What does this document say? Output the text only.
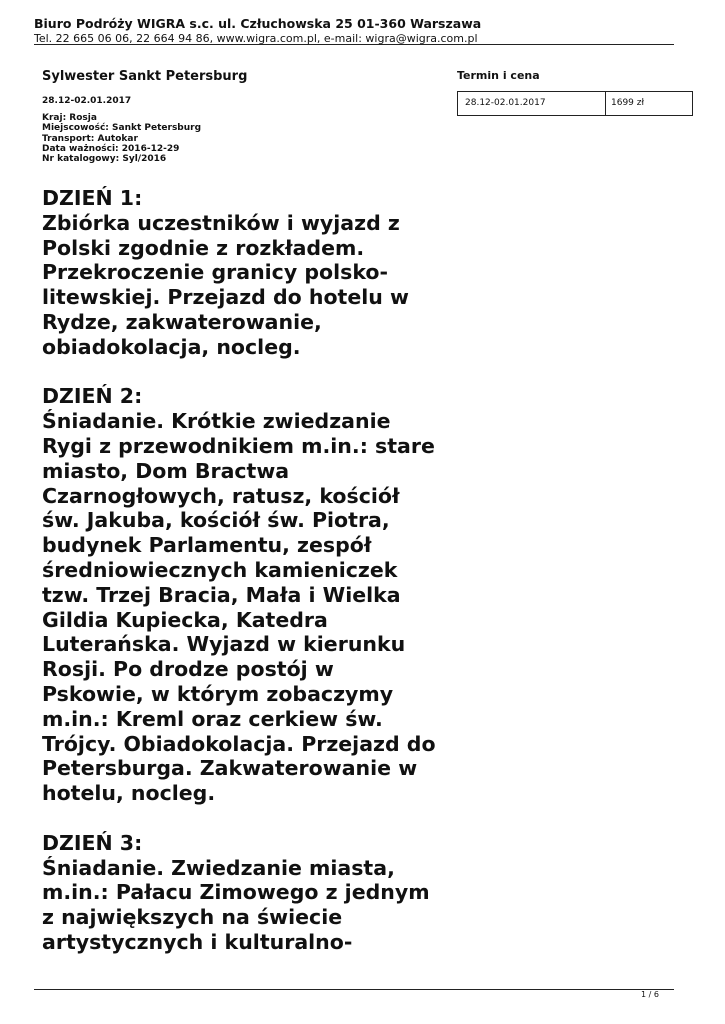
Biuro Podróży WIGRA s.c. ul. Człuchowska 25 01-360 Warszawa
Tel. 22 665 06 06, 22 664 94 86, www.wigra.com.pl, e-mail: wigra@wigra.com.pl
Sylwester Sankt Petersburg
28.12-02.01.2017
Kraj: Rosja
Miejscowość: Sankt Petersburg
Transport: Autokar
Data ważności: 2016-12-29
Nr katalogowy: Syl/2016
Termin i cena
28.12-02.01.2017	1699 zł

DZIEŃ 1:

Zbiórka uczestników i wyjazd z Polski zgodnie z rozkładem. Przekroczenie granicy polsko-litewskiej. Przejazd do hotelu w Rydze, zakwaterowanie, obiadokolacja, nocleg.

DZIEŃ 2:

Śniadanie. Krótkie zwiedzanie Rygi z przewodnikiem m.in.: stare miasto, Dom Bractwa Czarnogłowych, ratusz, kościół św. Jakuba, kościół św. Piotra, budynek Parlamentu, zespół średniowiecznych kamieniczek tzw. Trzej Bracia, Mała i Wielka Gildia Kupiecka, Katedra Luterańska. Wyjazd w kierunku Rosji. Po drodze postój w Pskowie, w którym zobaczymy m.in.: Kreml oraz cerkiew św. Trójcy. Obiadokolacja. Przejazd do Petersburga. Zakwaterowanie w hotelu, nocleg.

DZIEŃ 3:

Śniadanie. Zwiedzanie miasta, m.in.: Pałacu Zimowego z jednym z największych na świecie artystycznych i kulturalno-

1 / 6
